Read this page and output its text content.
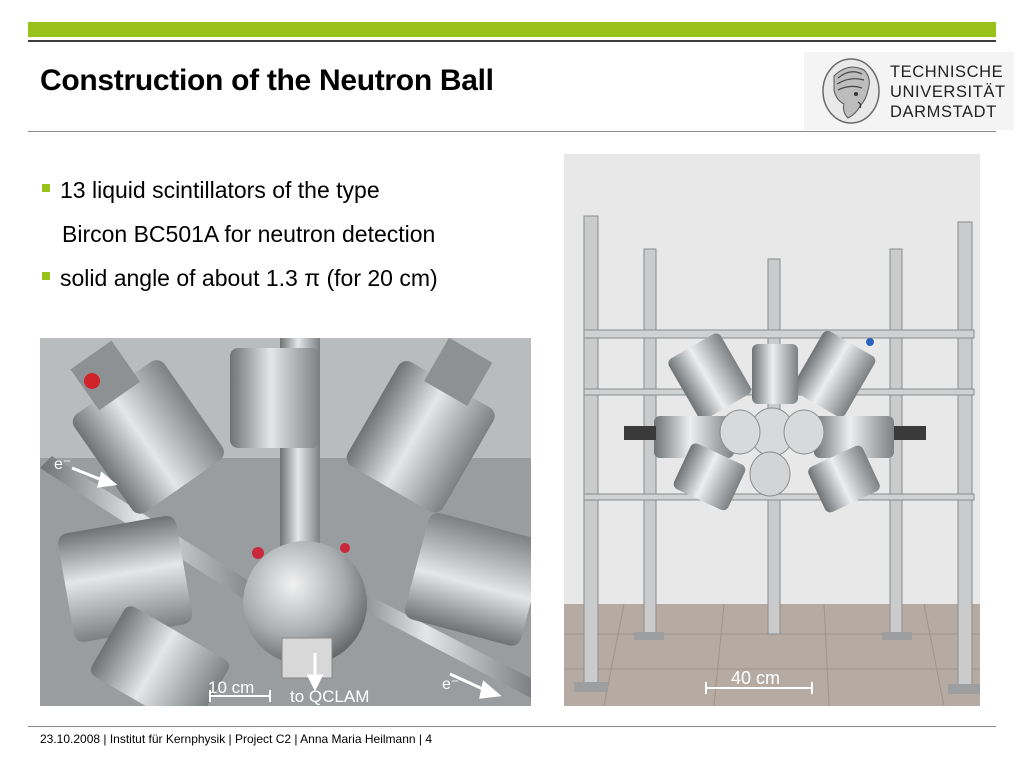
Construction of the Neutron Ball	TECHNISCHE
UNIVERSITÄT
DARMSTADT
13 liquid scintillators of the type
Bircon BC501A for neutron detection
solid angle of about 1.3 π (for 20 cm)
e⁻
e⁻
10 cm to QCLAM
40 cm
23.10.2008 | Institut für Kernphysik | Project C2 | Anna Maria Heilmann | 4
